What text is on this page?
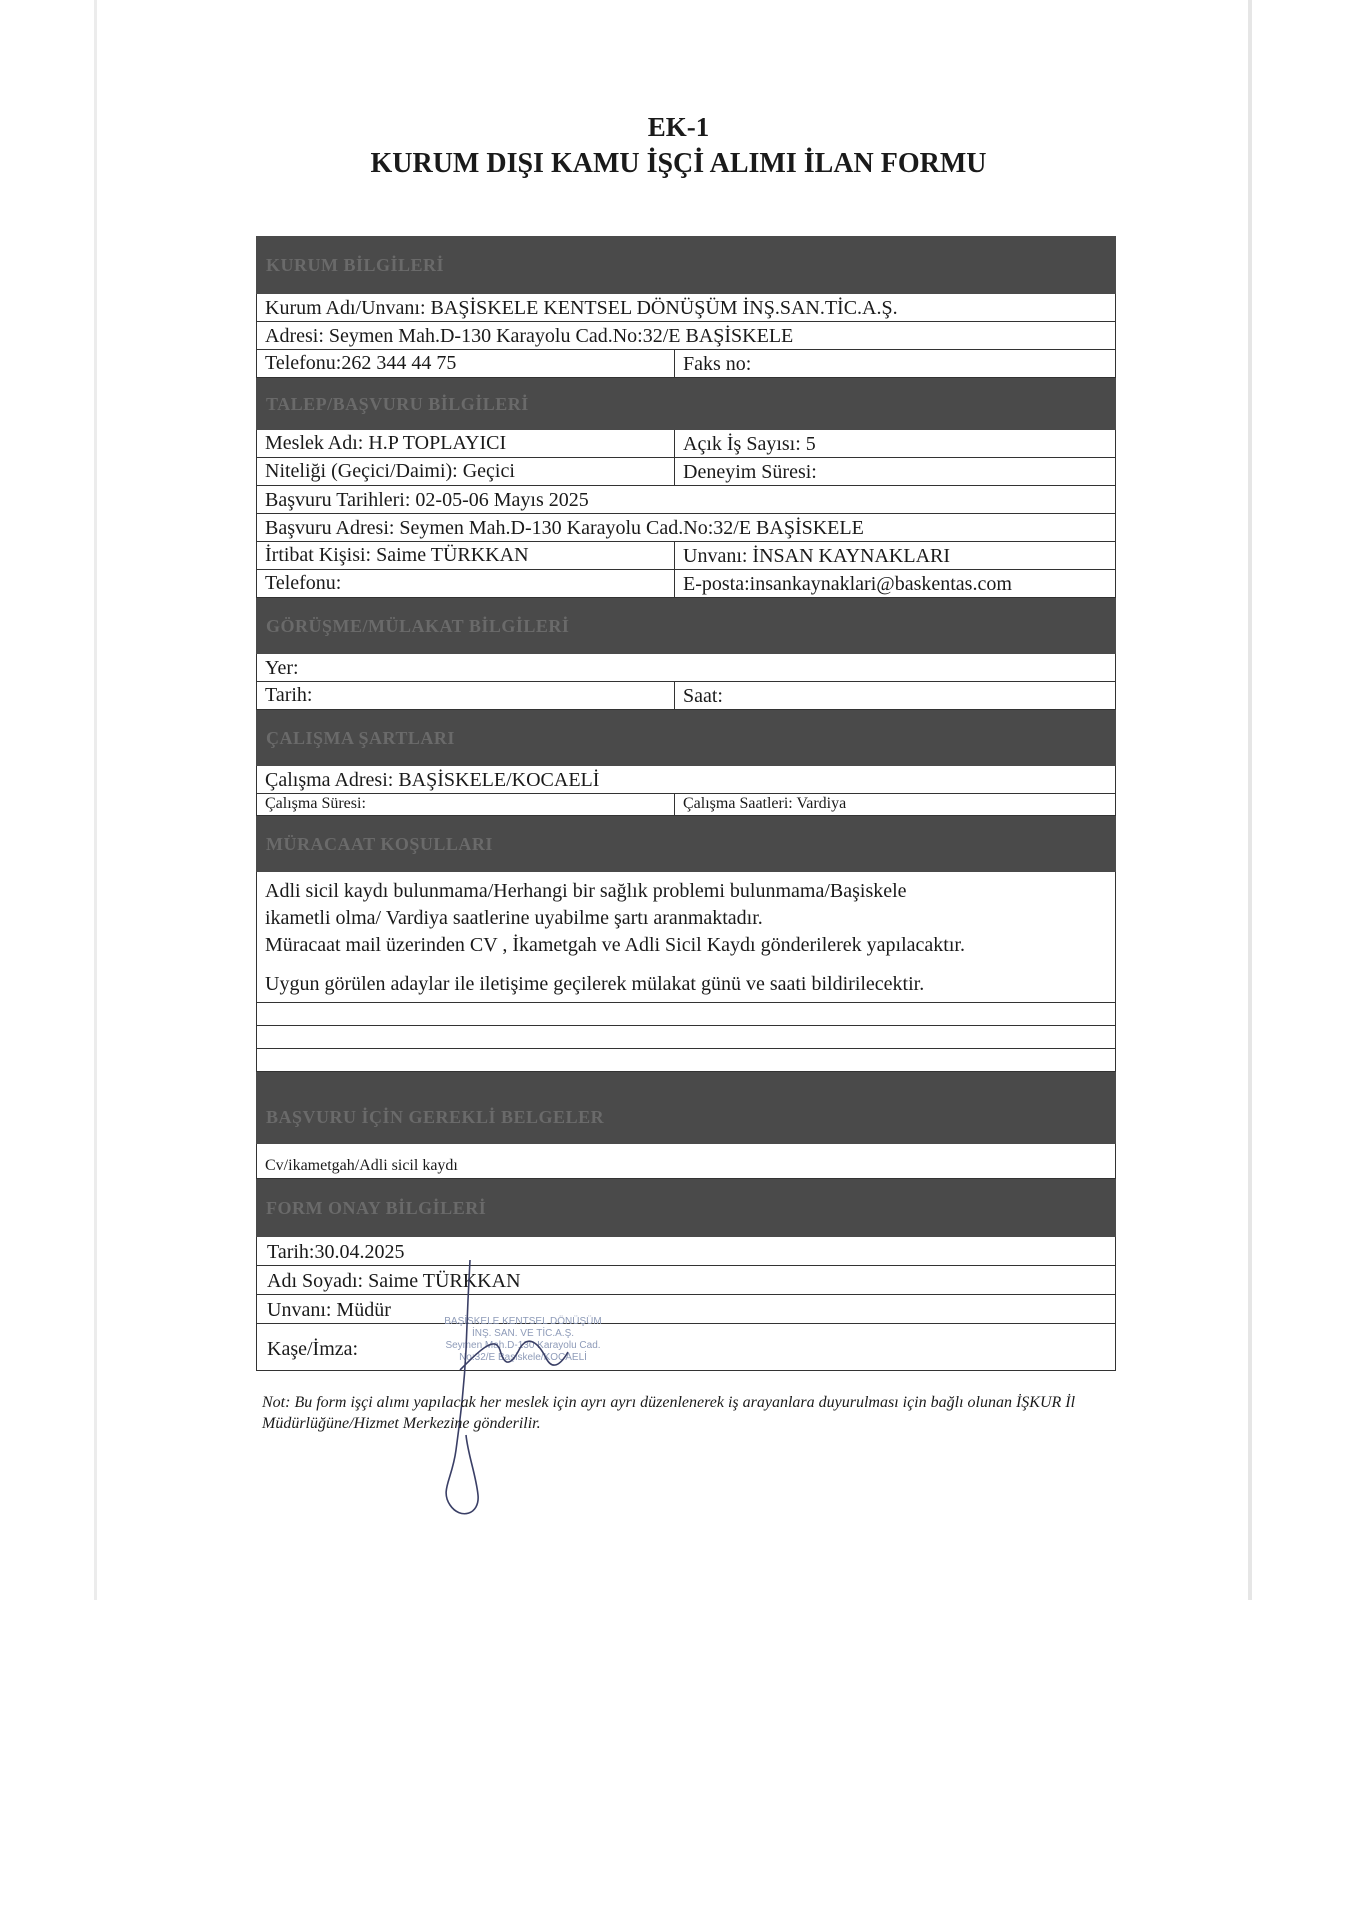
EK-1
KURUM DIŞI KAMU İŞÇİ ALIMI İLAN FORMU
KURUM BİLGİLERİ
Kurum Adı/Unvanı: BAŞİSKELE KENTSEL DÖNÜŞÜM İNŞ.SAN.TİC.A.Ş.
Adresi: Seymen Mah.D-130 Karayolu Cad.No:32/E BAŞİSKELE
Telefonu:262 344 44 75	Faks no:
TALEP/BAŞVURU BİLGİLERİ
Meslek Adı: H.P TOPLAYICI	Açık İş Sayısı: 5
Niteliği (Geçici/Daimi): Geçici	Deneyim Süresi:
Başvuru Tarihleri: 02-05-06 Mayıs 2025
Başvuru Adresi: Seymen Mah.D-130 Karayolu Cad.No:32/E BAŞİSKELE
İrtibat Kişisi: Saime TÜRKKAN	Unvanı: İNSAN KAYNAKLARI
Telefonu:	E-posta:insankaynaklari@baskentas.com
GÖRÜŞME/MÜLAKAT BİLGİLERİ
Yer:
Tarih:	Saat:
ÇALIŞMA ŞARTLARI
Çalışma Adresi: BAŞİSKELE/KOCAELİ
Çalışma Süresi:	Çalışma Saatleri: Vardiya
MÜRACAAT KOŞULLARI

Adli sicil kaydı bulunmama/Herhangi bir sağlık problemi bulunmama/Başiskele

ikametli olma/ Vardiya saatlerine uyabilme şartı aranmaktadır.

Müracaat mail üzerinden CV , İkametgah ve Adli Sicil Kaydı gönderilerek yapılacaktır.

Uygun görülen adaylar ile iletişime geçilerek mülakat günü ve saati bildirilecektir.

BAŞVURU İÇİN GEREKLİ BELGELER
Cv/ikametgah/Adli sicil kaydı
FORM ONAY BİLGİLERİ
Tarih:30.04.2025
Adı Soyadı: Saime TÜRKKAN
Unvanı: Müdür
Kaşe/İmza:
BAŞİSKELE KENTSEL DÖNÜŞÜM
İNŞ. SAN. VE TİC.A.Ş.
Seymen Mah.D-130 Karayolu Cad.
No:32/E Başiskele/KOCAELİ
Not: Bu form işçi alımı yapılacak her meslek için ayrı ayrı düzenlenerek iş arayanlara duyurulması için bağlı olunan İŞKUR İl Müdürlüğüne/Hizmet Merkezine gönderilir.
